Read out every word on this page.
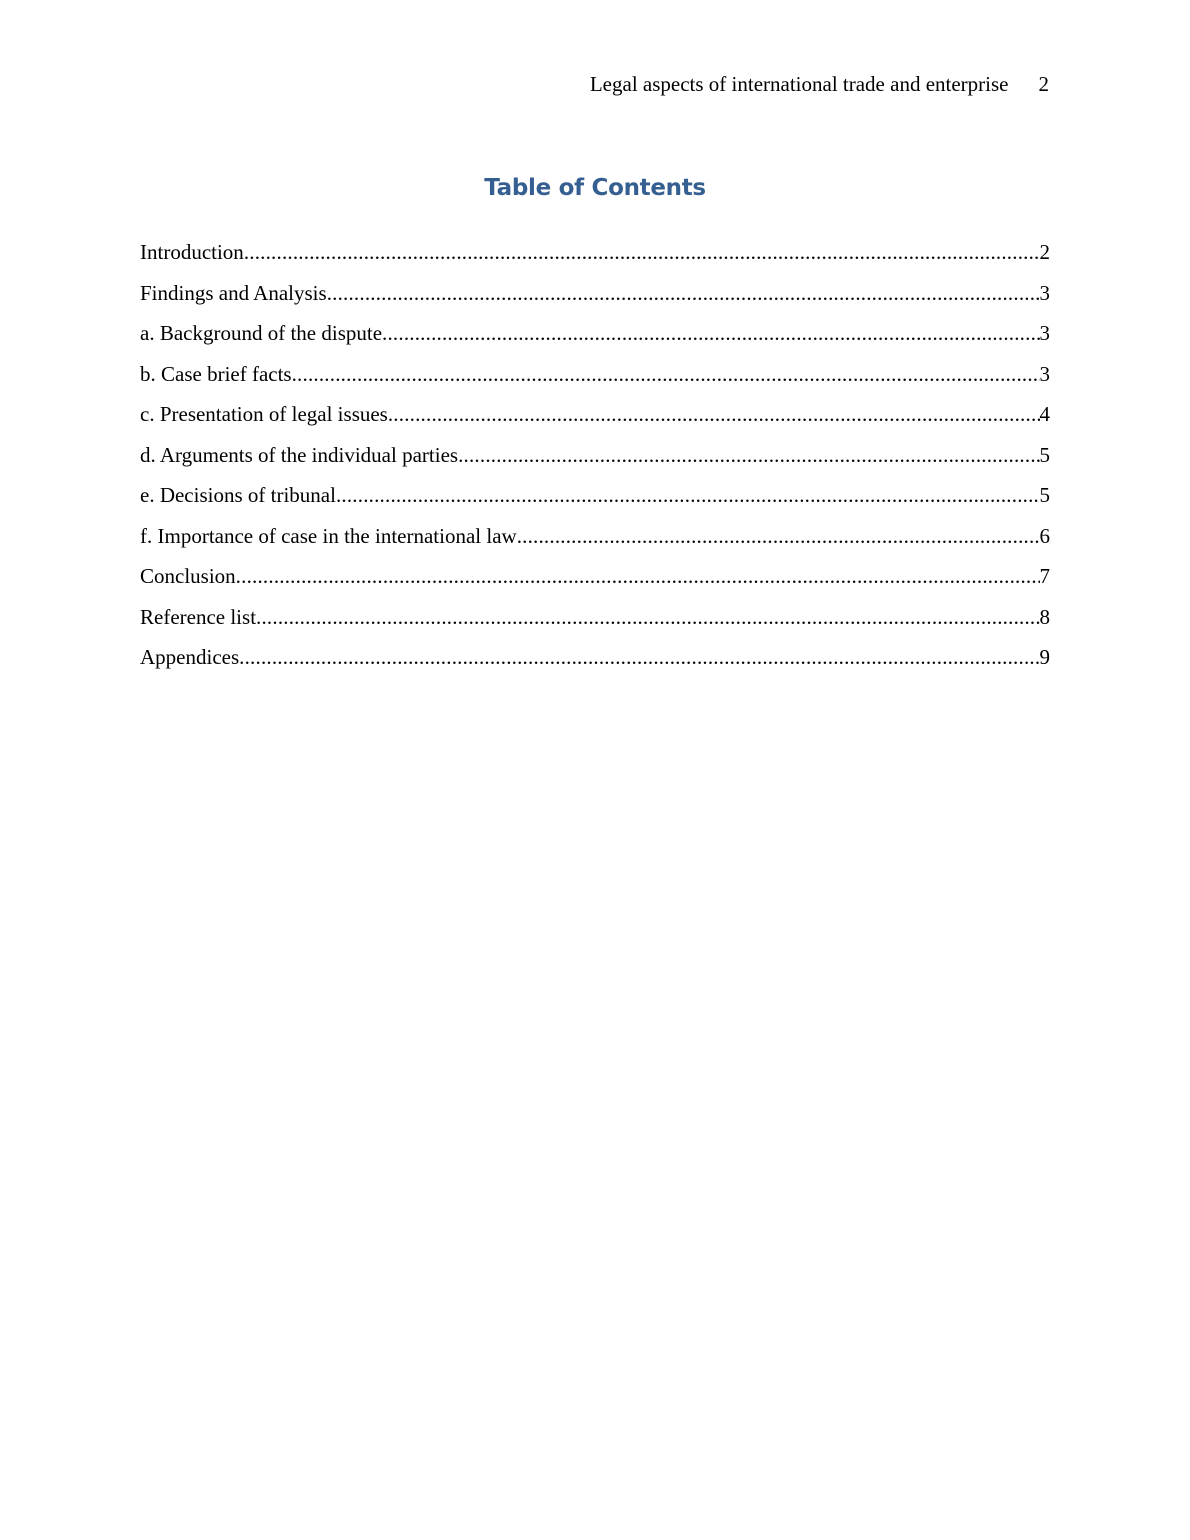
Legal aspects of international trade and enterprise 2
Table of Contents
Introduction .....	2
Findings and Analysis .....	3
a. Background of the dispute .....	3
b. Case brief facts .....	3
c. Presentation of legal issues .....	4
d. Arguments of the individual parties .....	5
e. Decisions of tribunal .....	5
f. Importance of case in the international law .....	6
Conclusion .....	7
Reference list .....	8
Appendices .....	9
